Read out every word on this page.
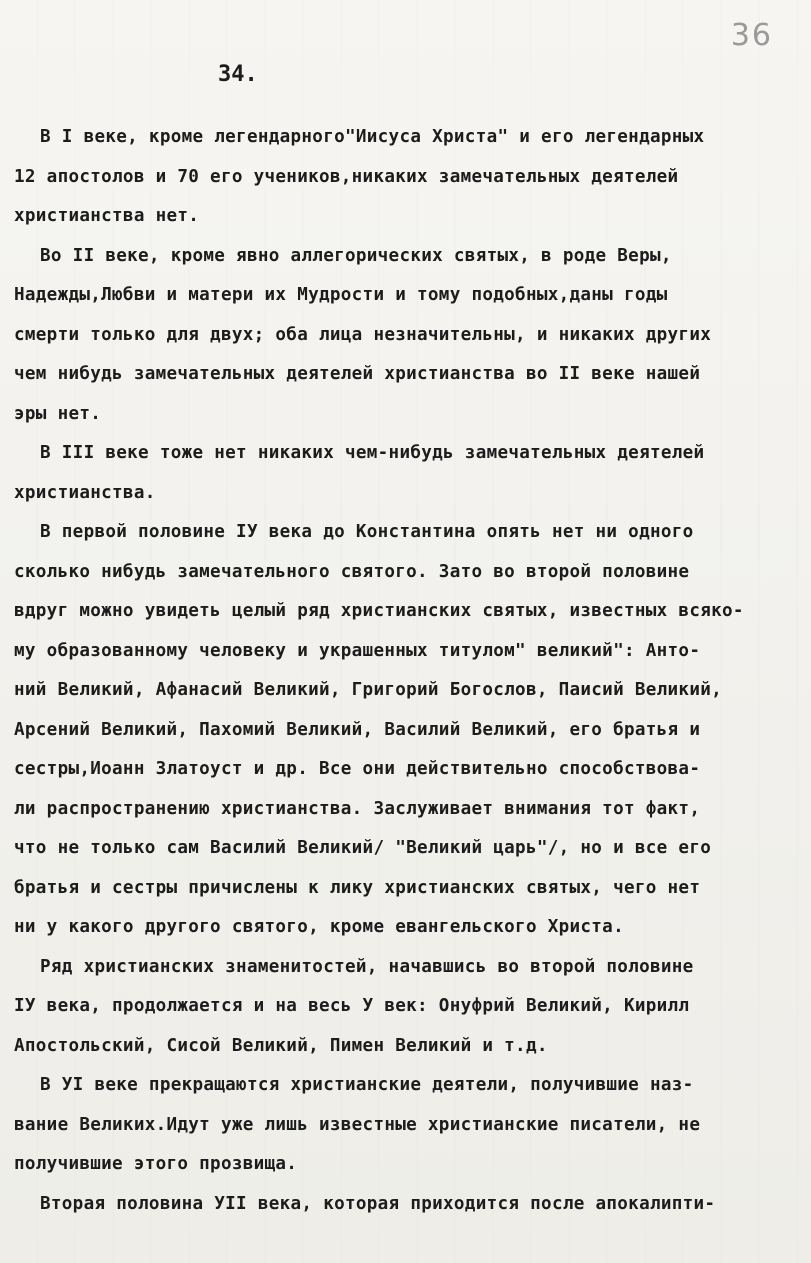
36
34.
В I веке, кроме легендарного"Иисуса Христа" и его легендарных
12 апостолов и 70 его учеников,никаких замечательных деятелей
христианства нет.
Во II веке, кроме явно аллегорических святых, в роде Веры,
Надежды,Любви и матери их Мудрости и тому подобных,даны годы
смерти только для двух; оба лица незначительны, и никаких других
чем нибудь замечательных деятелей христианства во II веке нашей
эры нет.
В III веке тоже нет никаких чем-нибудь замечательных деятелей
христианства.
В первой половине IУ века до Константина опять нет ни одного
сколько нибудь замечательного святого. Зато во второй половине
вдруг можно увидеть целый ряд христианских святых, известных всяко-
му образованному человеку и украшенных титулом" великий": Анто-
ний Великий, Афанасий Великий, Григорий Богослов, Паисий Великий,
Арсений Великий, Пахомий Великий, Василий Великий, его братья и
сестры,Иоанн Златоуст и др. Все они действительно способствова-
ли распространению христианства. Заслуживает внимания тот факт,
что не только сам Василий Великий/ "Великий царь"/, но и все его
братья и сестры причислены к лику христианских святых, чего нет
ни у какого другого святого, кроме евангельского Христа.
Ряд христианских знаменитостей, начавшись во второй половине
IУ века, продолжается и на весь У век: Онуфрий Великий, Кирилл
Апостольский, Сисой Великий, Пимен Великий и т.д.
В УI веке прекращаются христианские деятели, получившие наз-
вание Великих.Идут уже лишь известные христианские писатели, не
получившие этого прозвища.
Вторая половина УII века, которая приходится после апокалипти-
